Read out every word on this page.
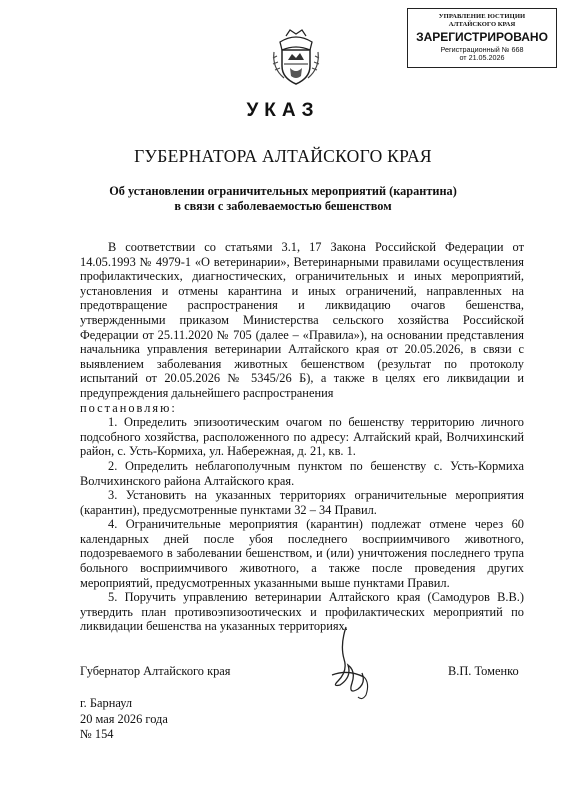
УПРАВЛЕНИЕ ЮСТИЦИИ
АЛТАЙСКОГО КРАЯ
ЗАРЕГИСТРИРОВАНО
Регистрационный № 668
от 21.05.2026
УКАЗ
ГУБЕРНАТОРА АЛТАЙСКОГО КРАЯ
Об установлении ограничительных мероприятий (карантина)
в связи с заболеваемостью бешенством

В соответствии со статьями 3.1, 17 Закона Российской Федерации от 14.05.1993 № 4979-1 «О ветеринарии», Ветеринарными правилами осуществления профилактических, диагностических, ограничительных и иных мероприятий, установления и отмены карантина и иных ограничений, направленных на предотвращение распространения и ликвидацию очагов бешенства, утвержденными приказом Министерства сельского хозяйства Российской Федерации от 25.11.2020 № 705 (далее – «Правила»), на основании представления начальника управления ветеринарии Алтайского края от 20.05.2026, в связи с выявлением заболевания животных бешенством (результат по протоколу испытаний от 20.05.2026 № 5345/26 Б), а также в целях его ликвидации и предупреждения дальнейшего распространения

постановляю:

1. Определить эпизоотическим очагом по бешенству территорию личного подсобного хозяйства, расположенного по адресу: Алтайский край, Волчихинский район, с. Усть-Кормиха, ул. Набережная, д. 21, кв. 1.

2. Определить неблагополучным пунктом по бешенству с. Усть-Кормиха Волчихинского района Алтайского края.

3. Установить на указанных территориях ограничительные мероприятия (карантин), предусмотренные пунктами 32 – 34 Правил.

4. Ограничительные мероприятия (карантин) подлежат отмене через 60 календарных дней после убоя последнего восприимчивого животного, подозреваемого в заболевании бешенством, и (или) уничтожения последнего трупа больного восприимчивого животного, а также после проведения других мероприятий, предусмотренных указанными выше пунктами Правил.

5. Поручить управлению ветеринарии Алтайского края (Самодуров В.В.) утвердить план противоэпизоотических и профилактических мероприятий по ликвидации бешенства на указанных территориях.

Губернатор Алтайского края	В.П. Томенко
г. Барнаул
20 мая 2026 года
№ 154
